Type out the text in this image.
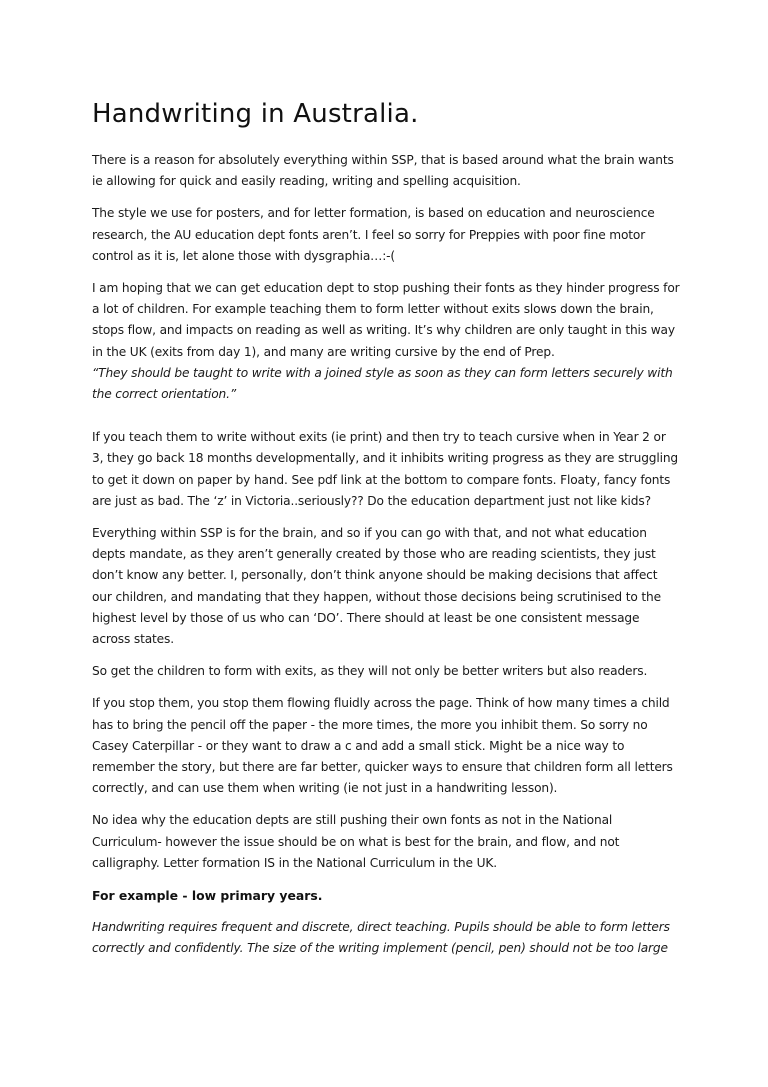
Handwriting in Australia.

There is a reason for absolutely everything within SSP, that is based around what the brain wants ie allowing for quick and easily reading, writing and spelling acquisition.

The style we use for posters, and for letter formation, is based on education and neuroscience research, the AU education dept fonts aren’t. I feel so sorry for Preppies with poor fine motor control as it is, let alone those with dysgraphia…:-(

I am hoping that we can get education dept to stop pushing their fonts as they hinder progress for a lot of children. For example teaching them to form letter without exits slows down the brain, stops flow, and impacts on reading as well as writing. It’s why children are only taught in this way in the UK (exits from day 1), and many are writing cursive by the end of Prep.

“They should be taught to write with a joined style as soon as they can form letters securely with the correct orientation.”

If you teach them to write without exits (ie print) and then try to teach cursive when in Year 2 or 3, they go back 18 months developmentally, and it inhibits writing progress as they are struggling to get it down on paper by hand. See pdf link at the bottom to compare fonts. Floaty, fancy fonts are just as bad. The ‘z’ in Victoria..seriously?? Do the education department just not like kids?

Everything within SSP is for the brain, and so if you can go with that, and not what education depts mandate, as they aren’t generally created by those who are reading scientists, they just don’t know any better. I, personally, don’t think anyone should be making decisions that affect our children, and mandating that they happen, without those decisions being scrutinised to the highest level by those of us who can ‘DO’. There should at least be one consistent message across states.

So get the children to form with exits, as they will not only be better writers but also readers.

If you stop them, you stop them flowing fluidly across the page. Think of how many times a child has to bring the pencil off the paper - the more times, the more you inhibit them. So sorry no Casey Caterpillar - or they want to draw a c and add a small stick. Might be a nice way to remember the story, but there are far better, quicker ways to ensure that children form all letters correctly, and can use them when writing (ie not just in a handwriting lesson).

No idea why the education depts are still pushing their own fonts as not in the National Curriculum- however the issue should be on what is best for the brain, and flow, and not calligraphy. Letter formation IS in the National Curriculum in the UK.

For example - low primary years.

Handwriting requires frequent and discrete, direct teaching. Pupils should be able to form letters correctly and confidently. The size of the writing implement (pencil, pen) should not be too large
